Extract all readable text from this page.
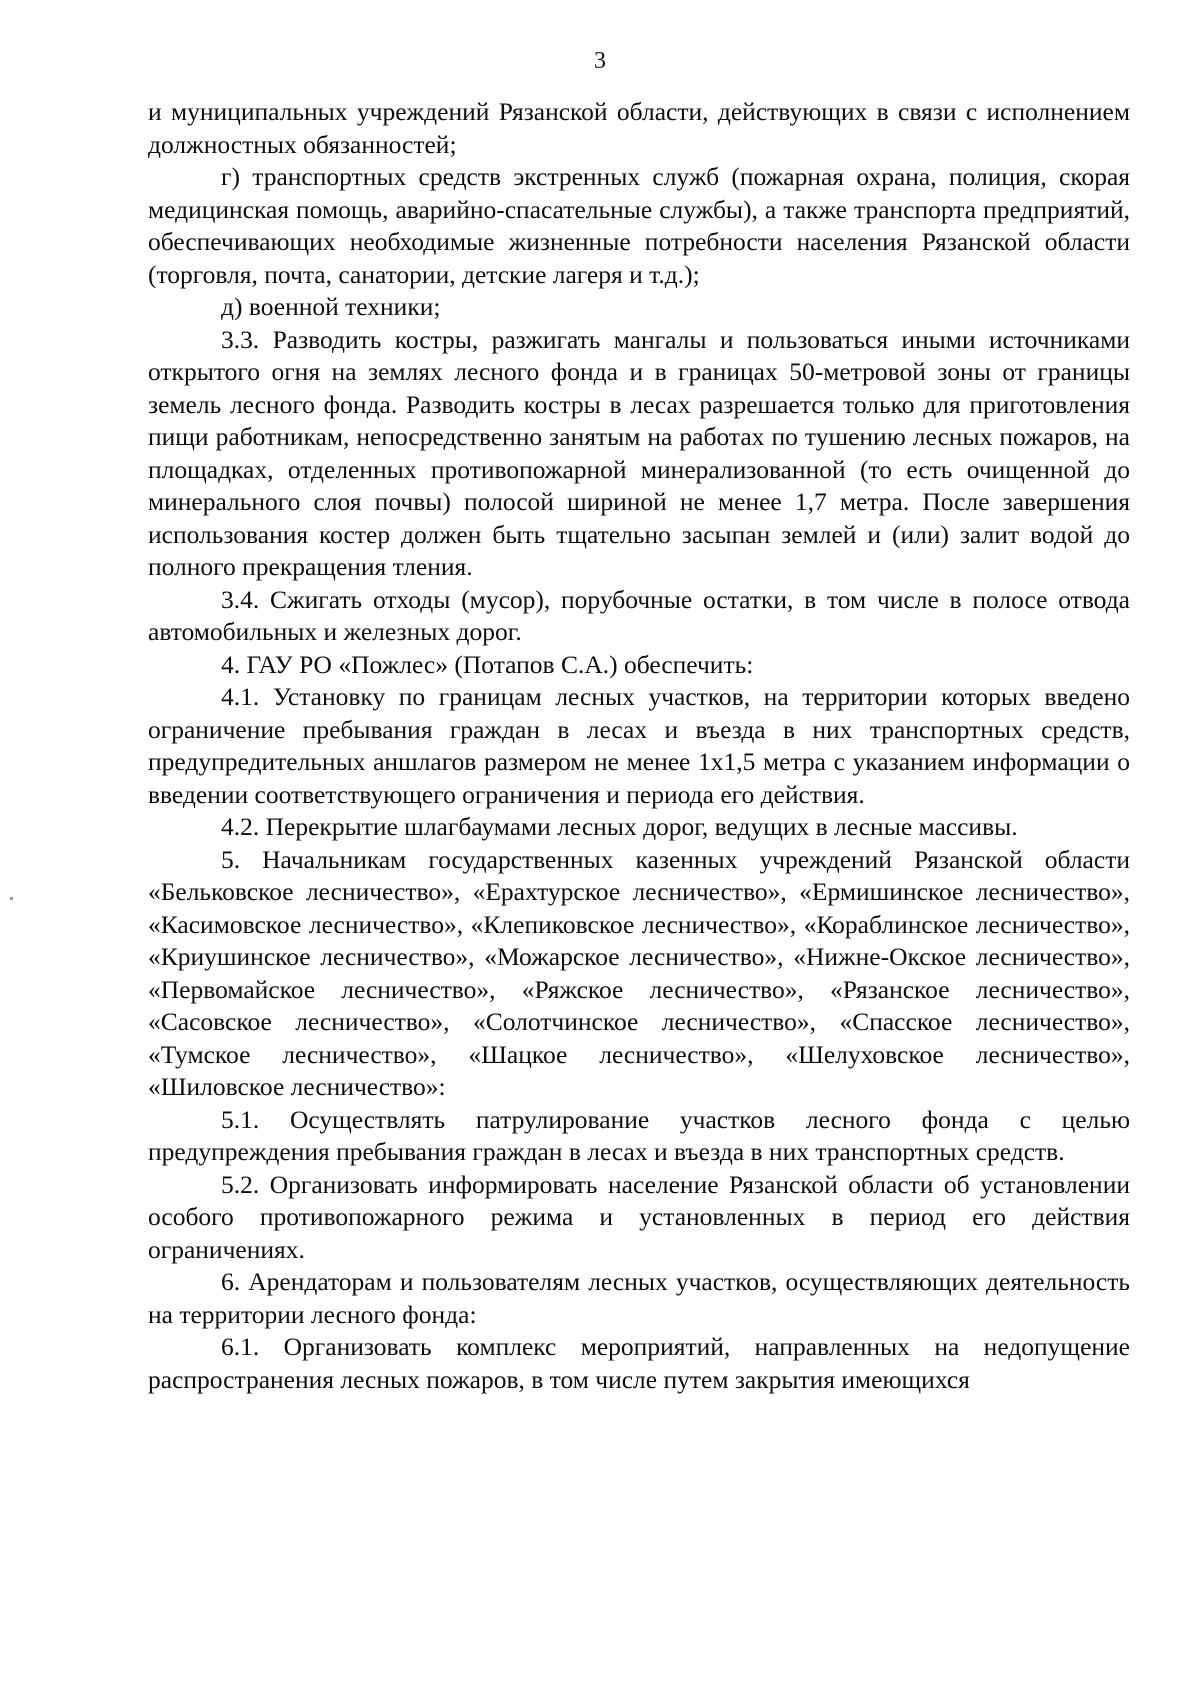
3

и муниципальных учреждений Рязанской области, действующих в связи с исполнением должностных обязанностей;

г) транспортных средств экстренных служб (пожарная охрана, полиция, скорая медицинская помощь, аварийно-спасательные службы), а также транспорта предприятий, обеспечивающих необходимые жизненные потребности населения Рязанской области (торговля, почта, санатории, детские лагеря и т.д.);

д) военной техники;

3.3. Разводить костры, разжигать мангалы и пользоваться иными источниками открытого огня на землях лесного фонда и в границах 50-метровой зоны от границы земель лесного фонда. Разводить костры в лесах разрешается только для приготовления пищи работникам, непосредственно занятым на работах по тушению лесных пожаров, на площадках, отделенных противопожарной минерализованной (то есть очищенной до минерального слоя почвы) полосой шириной не менее 1,7 метра. После завершения использования костер должен быть тщательно засыпан землей и (или) залит водой до полного прекращения тления.

3.4. Сжигать отходы (мусор), порубочные остатки, в том числе в полосе отвода автомобильных и железных дорог.

4. ГАУ РО «Пожлес» (Потапов С.А.) обеспечить:

4.1. Установку по границам лесных участков, на территории которых введено ограничение пребывания граждан в лесах и въезда в них транспортных средств, предупредительных аншлагов размером не менее 1x1,5 метра с указанием информации о введении соответствующего ограничения и периода его действия.

4.2. Перекрытие шлагбаумами лесных дорог, ведущих в лесные массивы.

5. Начальникам государственных казенных учреждений Рязанской области «Бельковское лесничество», «Ерахтурское лесничество», «Ермишинское лесничество», «Касимовское лесничество», «Клепиковское лесничество», «Кораблинское лесничество», «Криушинское лесничество», «Можарское лесничество», «Нижне-Окское лесничество», «Первомайское лесничество», «Ряжское лесничество», «Рязанское лесничество», «Сасовское лесничество», «Солотчинское лесничество», «Спасское лесничество», «Тумское лесничество», «Шацкое лесничество», «Шелуховское лесничество», «Шиловское лесничество»:

5.1. Осуществлять патрулирование участков лесного фонда с целью предупреждения пребывания граждан в лесах и въезда в них транспортных средств.

5.2. Организовать информировать население Рязанской области об установлении особого противопожарного режима и установленных в период его действия ограничениях.

6. Арендаторам и пользователям лесных участков, осуществляющих деятельность на территории лесного фонда:

6.1. Организовать комплекс мероприятий, направленных на недопущение распространения лесных пожаров, в том числе путем закрытия имеющихся
